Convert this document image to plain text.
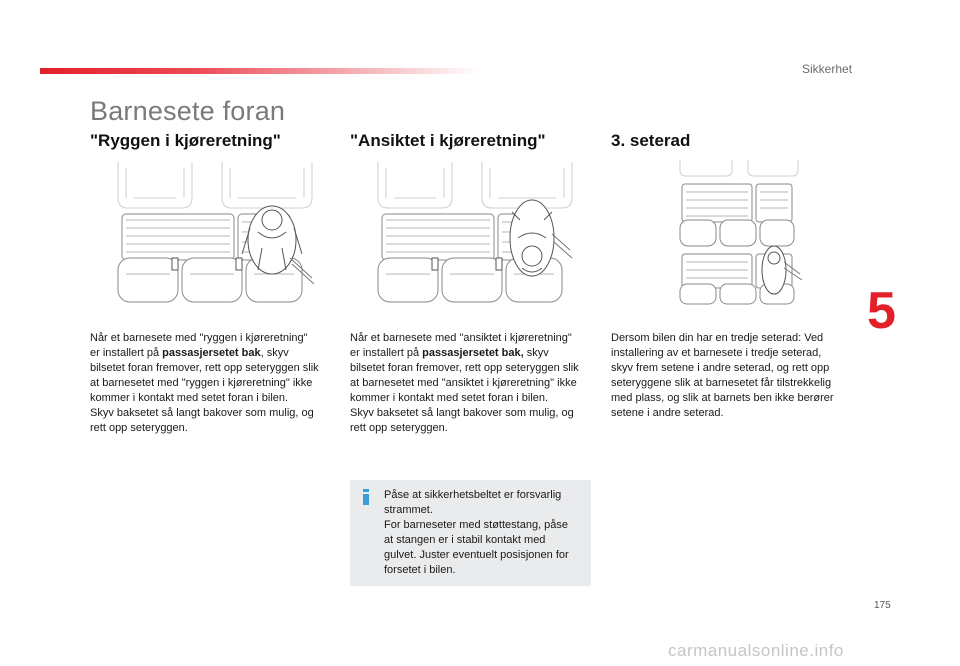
Sikkerhet
Barnesete foran
"Ryggen i kjøreretning"	"Ansiktet i kjøreretning"	3. seterad
Når et barnesete med "ryggen i kjøreretning"
er installert på passasjersetet bak, skyv
bilsetet foran fremover, rett opp seteryggen slik
at barnesetet med "ryggen i kjøreretning" ikke
kommer i kontakt med setet foran i bilen.
Skyv baksetet så langt bakover som mulig, og
rett opp seteryggen.
Når et barnesete med "ansiktet i kjøreretning"
er installert på passasjersetet bak, skyv
bilsetet foran fremover, rett opp seteryggen slik
at barnesetet med "ansiktet i kjøreretning" ikke
kommer i kontakt med setet foran i bilen.
Skyv baksetet så langt bakover som mulig, og
rett opp seteryggen.
Dersom bilen din har en tredje seterad: Ved
installering av et barnesete i tredje seterad,
skyv frem setene i andre seterad, og rett opp
seteryggene slik at barnesetet får tilstrekkelig
med plass, og slik at barnets ben ikke berører
setene i andre seterad.
Påse at sikkerhetsbeltet er forsvarlig
strammet.
For barneseter med støttestang, påse
at stangen er i stabil kontakt med
gulvet. Juster eventuelt posisjonen for
forsetet i bilen.
5
175
carmanualsonline.info
